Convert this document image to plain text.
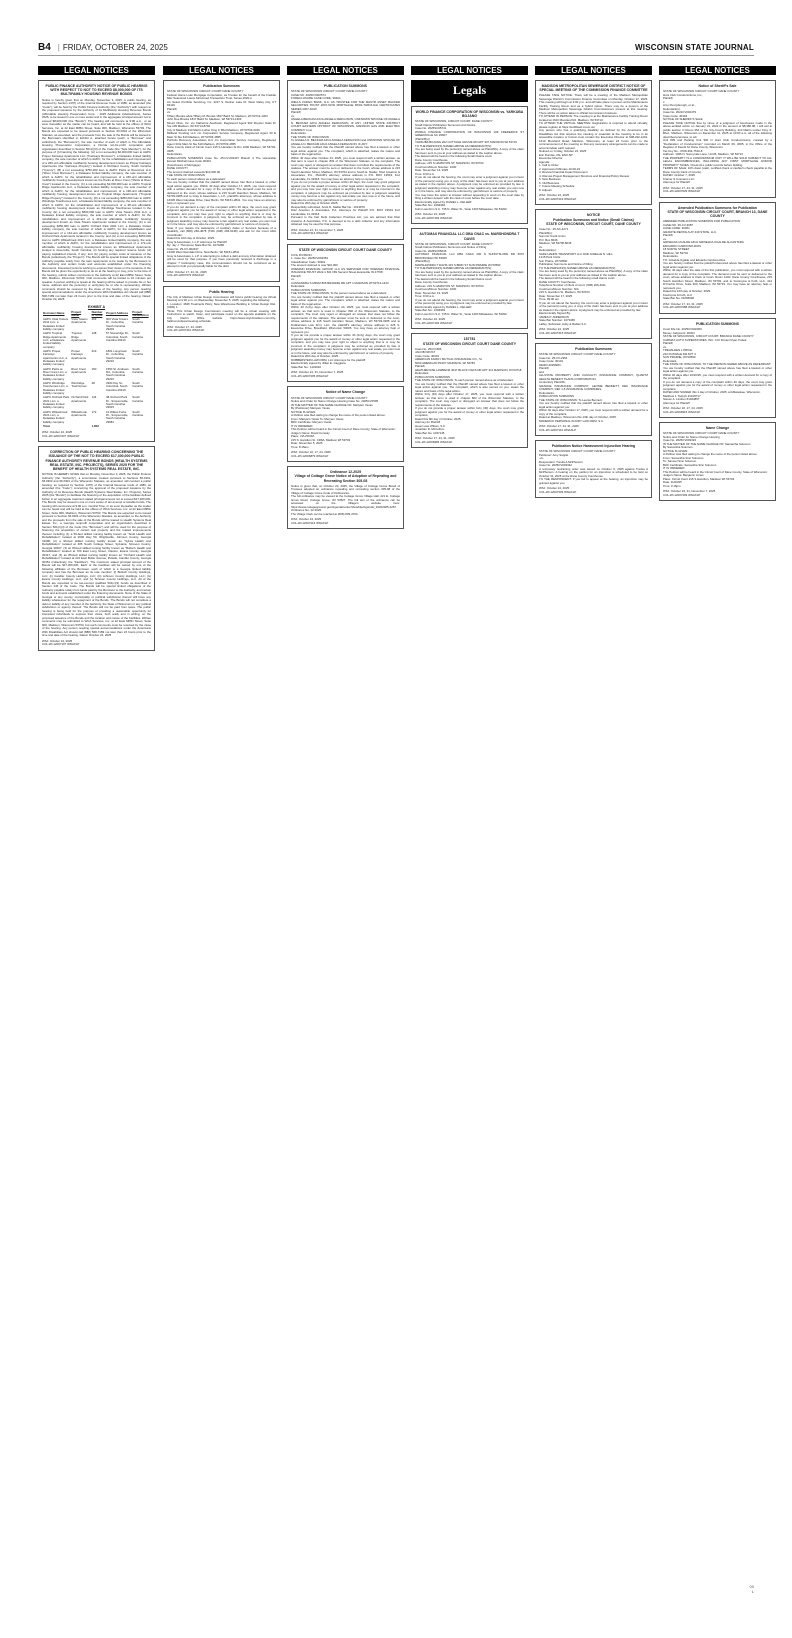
B4 | FRIDAY, OCTOBER 24, 2025	WISCONSIN STATE JOURNAL
LEGAL NOTICES	LEGAL NOTICES	LEGAL NOTICES	LEGAL NOTICES	LEGAL NOTICES	LEGAL NOTICES
PUBLIC FINANCE AUTHORITY NOTICE OF PUBLIC HEARING WITH RESPECT TO NOT TO EXCEED $8,000,000 OF ITS MULTIFAMILY HOUSING REVENUE BONDS
Notice is hereby given that on Monday, November 3, 2025, a public hearing, as required by Section 147(f) of the Internal Revenue Code of 1986, as amended (the "Code"), will be held by the Public Finance Authority (the "Authority") with respect to the proposed issuance by the Authority of its Multifamily Housing Revenue Bonds (Affordable Housing Preservation Corp. - 2025 Additional Indebtedness), Series 2025, to be issued in one or more series and in the aggregate principal amount not to exceed $8,000,000 (the "Bonds"). The hearing will commence at 9:00 a.m., or as soon thereafter as the matter can be heard, and will be held at the offices of WCA Services, Inc. at 22 East Mifflin Street, Suite 900, Madison, Wisconsin 53703. The Bonds are expected to be issued pursuant to Section 66.0304 of the Wisconsin Statutes, as amended, and the proceeds from the sale of the Bonds will be loaned to the Borrowers identified in Exhibit A, attached hereto (each, a "Borrower" and collectively, the "Borrowers"), the sole member of each of which is The Affordable Housing Preservation Corporation, a Florida not-for-profit corporation and organization described in Section 501(c)(3) of the Code (the "Sole Member"), for the purpose of (i) financing the following: (A) a not exceeding $2,000,000 loan to AHPC Proper Fairways Apartments LLC ("Fairways Borrower"), a Delaware limited liability company, the sole member of which is AHPC, for the rehabilitation and improvement of a 263-unit affordable multifamily housing development known as Proper Fairways Apartments (the "Fairways Property") located in Richland County, South Carolina ("County"); (B) a not exceeding $750,000 loan to AHPC Parks at Rivercrest LLC ("River Crest Borrower"), a Delaware limited liability company, the sole member of which is AHPC, for the rehabilitation and improvement of a 150-unit affordable multifamily housing development known as the Parks at River Crest ("Parks at River Crest") located in the County; (C) a not exceeding $2,000,000 loan to AHPC Tropical Ridge Apartments LLC, a Delaware limited liability company, the sole member of which is AHPC, for the rehabilitation and improvement of a 138-unit affordable multifamily housing development known as Tropical Ridge Apartments ("Tropical Ridge Property") located in the County; (D) a not exceeding $250,000 loan to AHPC Windridge Townhomes LLC, a Delaware limited liability company, the sole member of which is AHPC, for the rehabilitation and improvement of a 48-unit affordable multifamily housing development known as Windridge Townhomes located in the County; (E) a not exceeding $500,000 loan to AHPC Vista Towers 2011 LLC, a Delaware limited liability company, the sole member of which is AHPC, for the rehabilitation and improvement of a 419-unit affordable multifamily housing development known as Vista Towers Apartments located in the County; (F) a not exceeding $250,000 loan to AHPC Orchard Park 2021 LLC, a Delaware limited liability company, the sole member of which is AHPC, for the rehabilitation and improvement of a 144-unit affordable multifamily housing development known as Orchard Park Apartments located in the County; and (G) a not exceeding $250,000 loan to AHPC Willowbrook 2021 LLC, a Delaware limited liability company, the sole member of which is AHPC, for the rehabilitation and improvement of a 172-unit affordable multifamily housing development known as Willowbrook Apartments located in Greenville, South Carolina; (ii) funding any required reserve funds; (iii) paying capitalized interest, if any; and (iv) paying certain costs of issuance of the Bonds (collectively, the "Project"). The Bonds will be special limited obligations of the Authority payable solely from the loan repayments to be made by the Borrowers to the Authority and certain funds and accounts established under the financing documents. Interested persons wishing to express their views on the issuance of the Bonds will be given the opportunity to do so at the hearing or may, prior to the time of the hearing, submit written comments to the Authority at 22 East Mifflin Street, Suite 900, Madison, Wisconsin 53703. Oral comments will be limited to 10 minutes per speaker. A person wishing to speak at the hearing will be asked to provide his or her name, address and the person(s) or entity(ies) he or she is representing. Written comments should be received by the close of the hearing. Any person needing special accommodations under the Americans With Disabilities Act should call (888) 508-7189 not later than 24 hours prior to the time and date of the hearing. Dated: October 20, 2025
EXHIBIT A
Borrower Name	Project Name	Number of Units	Project Address	Project Jurisdiction
AHPC Vista Towers 2011 LLC, a Delaware limited liability company	Vista Towers Apartments	263	900 Vista Towers Dr., Columbia, South Carolina 29203	South Carolina
AHPC Tropical Ridge Apartments LLC, a Delaware limited liability company	Tropical Ridge Apartments	138	57 Stoneridge Dr., Columbia, South Carolina 29210	South Carolina
AHPC Proper Fairways Apartments LLC, a Delaware limited liability company	Proper Fairways Apartments	419	1801 Longcreek Dr., Columbia, South Carolina 29210	South Carolina
AHPC Parks at River Crest LLC, a Delaware limited liability company	River Crest Apartments	150	1550 St. Andrews Rd., Columbia, South Carolina 29210	South Carolina
AHPC Windridge Townhomes LLC, a Delaware limited liability company	Windridge Townhomes	48	3300 Kay St., Columbia, South Carolina 29210	South Carolina
AHPC Orchard Park 2021 LLC, a Delaware limited liability company	Orchard Park Apartments	144	48 Orchard Park Dr., Simpsonville, South Carolina 29615	South Carolina
AHPC Willowbrook 2021 LLC, a Delaware limited liability company	Willowbrook Apartments	172	10 Willow Forks Dr., Simpsonville, South Carolina 29681	South Carolina
Total		1,802		
WSJ: October 24, 2025
COL-WI-12007207 WNAXLP
CORRECTION OF PUBLIC HEARING CONCERNING THE ISSUANCE OF THE NOT TO EXCEED $17,300,000 PUBLIC FINANCE AUTHORITY REVENUE BONDS (HEALTH SYSTEMS REAL ESTATE, INC. PROJECTS), SERIES 2025 FOR THE BENEFIT OF HEALTH SYSTEMS REAL ESTATE, INC.
NOTICE IS HEREBY GIVEN that on Monday, November 3, 2025, the Public Finance Authority (the "Authority"), a commission created pursuant to Sections 66.0301, 66.0303 and 66.0304 of the Wisconsin Statutes, as amended, will conduct a public hearing, as required by Section 147(f) of the Internal Revenue Code of 1986, as amended (the "Code"), concerning the approval of the proposed issuance by the Authority of its Revenue Bonds (Health Systems Real Estate, Inc. Projects), Series 2025 (the "Bonds") to facilitate the financing of the acquisition of the facilities defined below, in an aggregate maximum stated principal amount not to exceed $17,300,000. The Bonds may be issued in one or more series of tax-exempt or taxable bonds. The hearing will commence at 9:00 a.m. Central Time, or as soon thereafter as the matter can be heard and will be held at the offices of WCA Services, Inc. at 22 East Mifflin Street, Suite 900, Madison, Wisconsin 53703. The Bonds are expected to be issued pursuant to Section 66.0304 of the Wisconsin Statutes, as amended, to the Authority and the proceeds from the sale of the Bonds will be loaned to Health Systems Real Estate, Inc., a Georgia nonprofit corporation and an organization described in Section 501(c)(3) of the Code (the "Borrower") and will be used for the purpose of financing the acquisition of certain real property and the related improvements thereon including (1) a 59-bed skilled nursing facility known as "Scott Health and Rehabilitation" located at 2600 Hwy 50, Wrightsville, Johnson County, Georgia 31096; (2) a 90-bed skilled nursing facility known as "Sylvia Health and Rehabilitation" located at 405 South College Street, Sylvania, Screven County, Georgia 30467; (3) an 80-bed skilled nursing facility known as "Bulloch Health and Rehabilitation" located at 700 East Long Street, Claxton, Evans County, Georgia 30417; and (4) an 85-bed skilled nursing facility known as "Orchard Health and Rehabilitation" located at 201 East Butler Avenue, Pulaski, Candler County, Georgia 30451 (collectively, the "Facilities"). The maximum stated principal amount of the Bonds will be $17,300,000. Each of the Facilities will be owned by one of the following affiliates of the Borrower, each of which is a Georgia limited liability company and has the Borrower as its sole member: (i) Bulloch County Holdings, LLC; (ii) Candler County Holdings, LLC; (iii) Johnson County Holdings, LLC; (iv) Evans County Holdings, LLC; and (v) Screven County Holdings, LLC. All of the Bonds are expected to be tax-exempt qualified 501(c)(3) bonds as described in Section 145 of the Code. The Bonds will be special limited obligations of the Authority payable solely from funds paid by the Borrower to the Authority, and certain funds and accounts established under the financing documents. None of the State of Georgia or any county, municipality or political subdivision thereof will have any liability whatsoever for the repayment of the Bonds. The Bonds will not constitute a debt or liability of any member of the Authority, the State of Wisconsin or any political subdivision or agency thereof. The Bonds will not be paid from taxes. The public hearing is being held for the purpose of providing a reasonable opportunity for interested individuals to express their views, both orally and in writing, on the proposed issuance of the Bonds and the location and nature of the Facilities. Written comments may be submitted to WCA Services, Inc. at 22 East Mifflin Street, Suite 900, Madison, Wisconsin 53703, but such comments must be received by the close of the hearing. Any person needing special accommodations under the Americans With Disabilities Act should call (888) 508-7189 not later than 24 hours prior to the time and date of the hearing. Dated: October 24, 2025
WSJ: October 24, 2025
COL-WI-12007197 WNAXLP
Publication Summons
STATE OF WISCONSIN CIRCUIT COURT DANE COUNTY
Federal Home Loan Mortgage Corporation, as Trustee for the benefit of the Freddie Mac Seasoned Loans Structured Transaction Trust, Series 2020-2
c/o Select Portfolio Servicing, Inc. 3217 S. Decker Lake Dr. West Valley City, UT 84119
Plaintiff,
vs.
Tiffany Brooks a/k/a Tiffany M. Brooks 1817 Baird St. Madison, WI 53713-1303
John Doe Brooks 1817 Baird St. Madison, WI 53713-1303
Mount Olive, Inc. c/o Katherine Auerback, Registered Agent 902 Royster Oaks Dr Ste 105 Madison, WI 53714-8702
City of Madison 210 Martin Luther King Jr Blvd Madison, WI 53703-3346
Midland Funding LLC c/o Corporation Service Company, Registered Agent 33 E Main St Ste 610 Madison, WI 53703-4655
Portfolio Recovery Associates LLC c/o Corporation Service Company, Registered Agent 33 E Main St Ste 610 Madison, WI 53703-4655
Dane County Clerk of Circuit Court 215 S Hamilton St Rm 1000 Madison, WI 53703-3285
Defendants.
PUBLICATION SUMMONS Case No. 25-CV-002437 Branch 4 The Honorable Everett Mitchell Case Code 30404
(Foreclosure of Mortgage)
DANE COUNTY
The amount claimed exceeds $10,000.00
THE STATE OF WISCONSIN
To each person named above as a defendant:
You are hereby notified that the plaintiff named above has filed a lawsuit or other legal action against you. Within 40 days after October 17, 2025, you must respond with a written demand for a copy of the complaint. The demand must be sent or delivered to the court, whose address is 215 South Hamilton Street, Madison, WI 53703-3285 and to Gray & Associates, L.L.P., plaintiff's attorneys, whose address is 16345 West Glendale Drive, New Berlin, WI 53151-2841. You may have an attorney help or represent you.
If you do not demand a copy of the complaint within 40 days, the court may grant judgment against you for the award of money or other legal action requested in the complaint, and you may lose your right to object to anything that is or may be incorrect in the complaint. A judgment may be enforced as provided by law. A judgment awarding money may become a lien against any real estate you own now or in the future, and may also be enforced by garnishment or seizure of property.
Note: If you require the assistance of Auxiliary Aides or Services because of a disability, call (608) 266-4678 (TDD (608) 266-9138) and ask for the Court ADA Coordinator.
Dated this 10th day of October, 2025.
Gray & Associates, L.L.P. Attorneys for Plaintiff
By: Jay J. Thompson State Bar No. 1070280
Case No. 25-CV-002437
16345 West Glendale Drive, New Berlin, WI 53151-2841
Gray & Associates, L.L.P. is attempting to collect a debt and any information obtained will be used for that purpose. If you have previously received a discharge in a chapter 7 bankruptcy case, this communication should not be construed as an attempt to hold you personally liable for the debt.
WSJ: October 17, 24, 31, 2025
COL-WI-12007079 WNAXLP
Public Hearing
The City of Madison Urban Design Commission will hold a public hearing via Virtual Meeting at 4:30 p.m. on Wednesday, November 5, 2025, regarding the following:
1. Location: 4846 Treeline/Is Pkwy; New Warehouse Building in Urban Design Dist. (UDD) 1
*Note: This Urban Design Commission meeting will be a virtual meeting with instructions to watch, listen, and participate noted on the agenda available on the City Clerk's Office website https://www.cityofmadison.com/city-hall/committees/meeting-schedule
WSJ: October 17, 24, 2025
COL-WI-12007210 WNAXLP
PUBLICATION SUMMONS
STATE OF WISCONSIN CIRCUIT COURT DANE COUNTY
CASE NO. 2025CV002574
FORECLOSURE CASE CODE: 30404
WELLS FARGO BANK, N.A. AS TRUSTEE FOR THE MASTR ASSET BACKED SECURITIES TRUST 2007-NCW MORTGAGE PASS-THROUGH CERTIFICATES SERIES 2007-NCW
Plaintiff,
vs.
ANGELA BECKAM A/K/A ANGELA FERGUSON, UNKNOWN SPOUSE OF ANGELA N. BECKAM A/K/A ANGELA FERGUSON, IF ANY, UNITED STATE DISTRICT COURT EASTERN DISTRICT OF WISCONSIN, MADISON GAS AND ELECTRIC COMPANY et al.
Defendants.
THE STATE OF WISCONSIN
To ANGELA N. BECKAM A/K/A ANGELA FERGUSON and UNKNOWN SPOUSE OF ANGELA N. BECKAM A/K/A ANGELA FERGUSON, IF ANY:
You are hereby notified that the Plaintiff named above has filed a lawsuit or other legal action against you. The complaint, which is attached, states the nature and basis of the legal action.
Within 40 days after October 24, 2025, you must respond with a written answer, as that term is used in chapter 802 of the Wisconsin Statutes, to the complaint. The court may reject or disregard an answer that does not follow the requirements of the statutes. The answer must be sent or delivered to the Court, whose address is 215 South Hamilton Street, Madison, WI 53703 and to South E. Nadler, Diaz Anselmo & Associates, P.A., Plaintiff's attorney, whose address is P.O. BOX 19519, Fort Lauderdale, FL 33318. You may have an attorney help or represent you.
If you do not provide a proper answer within 40 days, the court may grant judgment against you for the award of money or other legal action requested in the complaint, and you may lose your right to object to anything that is or may be incorrect in the complaint. A judgment may be enforced as provided by law. A judgment awarding money may become a lien against any real estate you own now or in the future, and may also be enforced by garnishment or seizure of property.
Dated this 20th day of October 2025.
Respectfully submitted, Scott D. Nadler Bar No.: 1013979
Diaz Anselmo & Associates, P.A. Attorneys for Plaintiff P.O. BOX 19519 Fort Lauderdale, FL 33318
Pursuant to the Fair Debt Collection Practices Act, you are advised that Diaz Anselmo & Associates, P.A. is deemed to be a debt collector and any information obtained may be used for that purpose.
WSJ: October 24, 31, November 7, 2025
COL-WI-12007213 WNAXLP
STATE OF WISCONSIN CIRCUIT COURT DANE COUNTY
CIVIL DIVISION
1. Case No.: 2025CV003353
Classification Code: 30301
The amount claimed is over $10,000
ONEMAIN FINANCIAL GROUP, LLC AS SERVICER FOR ONEMAIN FINANCIAL ISSUANCE TRUST 2022-1 601 NW Second Street Evansville IN 47708
Plaintiff,
vs.
CASSANDRA S MROZ 806 BRANDIE RD APT 1 MADISON WI 53714-1443
Defendant.
PUBLICATION SUMMONS
THE STATE OF WISCONSIN, To the person named above as a defendant:
You are hereby notified that the plaintiff named above has filed a lawsuit or other legal action against you. The complaint, which is attached, states the nature and basis of the legal action.
Within 40 (forty) days after October 24, 2025, you must respond with a written answer, as that term is used in Chapter 802 of the Wisconsin Statutes, to the complaint. The court may reject or disregard an answer that does not follow the requirements of the statutes. The answer must be sent or delivered to the court, whose address is 215 South Hamilton Street, Madison, WI 53703-3285 and to Dobberstein Law Firm, LLC, the plaintiff's attorney, whose address is 225 S. Executive Drive, Brookfield, Wisconsin 53005. You may have an attorney help or represent you.
If you do not provide a proper answer within 40 (forty) days, the court may grant judgment against you for the award of money or other legal action requested in the complaint, and you may lose your right to object to anything that is or may be incorrect in the complaint. A judgment may be enforced as provided by law. A judgment awarding money may become a lien against any real estate you own now or in the future, and may also be enforced by garnishment or seizure of property.
Dated this 20th day of October, 2025.
DOBBERSTEIN LAW FIRM, LLC Attorneys for the plaintiff
Electronically signed by Jillian E. Caggiano
State Bar No.: 1101032
WSJ: October 24, 31, November 7, 2025
COL-WI-12007205 WNAXLP
Notice of Name Change
STATE OF WISCONSIN CIRCUIT COURT DANE COUNTY
Notice and Order for Name Change Hearing Case No. 2025CV2595
IN THE MATTER OF THE NAME CHANGE OF: Mariyam Yavas
By (Petitioner) Mariyam Yavas
NOTICE IS GIVEN:
A Petition was filed asking to change the name of the person listed above:
From: Mariyam Yavas To: Meryem Yavas
Birth Certificate: Meryem Yavas
IT IS ORDERED:
This Petition will be heard in the Circuit Court of Dane County, State of Wisconsin:
Judge's Name: David Conway
Place: VIA ZOOM
215 S. Hamilton St. CR6A, Madison WI 53703
Date: November 5, 2025
Time: 8:15am
WSJ: October 10, 17, 24, 2025
COL-WI-12006879 WNAXLP
Ordinance 12-2025
Village of Cottage Grove Notice of Adoption of Repealing and Recreating Section 305-08
Notice is given that, on October 20, 2025, the Village of Cottage Grove Board of Trustees adopted an ordinance repealing and recreating section 305-08 of the Village of Cottage Grove Code of Ordinances.
The full ordinance may be viewed at the Cottage Grove Village Hall, 221 E. Cottage Grove Road, Cottage Grove, WI 53527. The full text of the ordinance can be accessed on the Village's website here: https://www.cottagegrovewi.gov/AgendaCenter/ViewFile/Agenda/_10202025-2257 Ordinance No. 12-2025.
The Village Clerk can be reached at (608) 839-4704.
WSJ: October 24, 2025
COL-WI-12007216 WNAXLP
Legals
WORLD FINANCE CORPORATION OF WISCONSIN vs. YARKUBA BOJANG
STATE OF WISCONSIN, CIRCUIT COURT, DANE COUNTY
Small Claims Publication Summons And Notice
Case No. 2025SC05741
WORLD FINANCE CORPORATION OF WISCONSIN 108 FREDERICK ST GREENVILLE SC 29607
(Plaintiff(s))
YARKUBA BOJANG 202 COTTAGE GROVE RD APT 307 MADISON WI 53716
TO THE PERSON(S) NAMED ABOVE AS DEFENDANT(S):
You are being sued by the person(s) named above as Plaintiff(s). A copy of the claim has been sent to you at your address as stated in the caption above.
The lawsuit will be heard in the following Small Claims court:
Dane County Courthouse
Address: 215 S HAMILTON ST, MADISON, WI 53703
Courtroom/Room Number: 1000
Date: November 13, 2025
Time: 9:00 a.m.
If you do not attend the hearing, the court may enter a judgment against you in favor of the person(s) suing you. A copy of the claim has been sent to you at your address as stated in the caption above. A judgment may be enforced as provided by law. A judgment awarding money may become a lien against any real estate you own now or in the future, and may also be enforced by garnishment or seizure of property.
You may have the option to Answer without appearing in court on the court date by filing a written Answer with the clerk of court before the court date.
Electronically signed by DANIEL L. KELLER
State Bar No.: 1094981
Kohn Law Firm S.C. 735 N. Water St., Suite 1300 Milwaukee, WI 53202
WSJ: October 24, 2025
COL-WI-12007193 WNAXLP
AUTOMAX FINANCIAL LLC DBA CNAC vs. MARSHONDRA T DAVIS
STATE OF WISCONSIN, CIRCUIT COURT, DANE COUNTY
Small Claims Publication Summons and Notice of Filing
Case No. 2025SC05646
AUTOMAX FINANCIAL LLC DBA CNAC 200 N SUNNYSLOPE RD #370 BROOKFIELD WI 53005
(Plaintiff(s))
MARSHONDRA T DAVIS 415 S BIRD ST SUN PRAIRIE WI 53590
TO THE PERSON(S) NAMED ABOVE AS DEFENDANT(S):
You are being sued by the person(s) named above as Plaintiff(s). A copy of the claim has been sent to you at your address as stated in the caption above.
The lawsuit will be heard in the following Small Claims court:
Dane County Courthouse
Address: 215 S HAMILTON ST, MADISON, WI 53703
Courtroom/Room Number: 1000
Date: November 13, 2025
Time: 9:00 a.m.
If you do not attend the hearing, the court may enter a judgment against you in favor of the person(s) suing you. A judgment may be enforced as provided by law.
Electronically signed by DANIEL L. KELLER
State Bar No.: 1094981
Kohn Law Firm S.C. 735 N. Water St., Suite 1300 Milwaukee, WI 53202
WSJ: October 24, 2025
COL-WI-12007192 WNAXLP
187781
STATE OF WISCONSIN CIRCUIT COURT DANE COUNTY
Case No. 25CV1666
JACOB FROST
Case Code: 30301
AMERICAN FAMILY MUTUAL INSURANCE CO., SI
6000 AMERICAN PKWY MADISON, WI 53783
Plaintiff,
HEATHER RAE LAWRENZ 4047 BLACK OAKS DR APT 311 MADISON, WI 53718
Defendant.
PUBLICATION SUMMONS
THE STATE OF WISCONSIN, To each person named above as a Defendant:
You are hereby notified that the Plaintiff named above has filed a lawsuit or other legal action against you. The complaint, which is also served on you, states the nature and basis of the legal action.
Within forty (40) days after October 17, 2025, you must respond with a written answer, as that term is used in chapter 802 of the Wisconsin Statutes, to the complaint. The court may reject or disregard an Answer that does not follow the requirements of the statutes.
If you do not provide a proper answer within forty (40) days, the court may grant judgment against you for the award of money or other legal action requested in the complaint.
Dated this 9th day of October, 2025.
Attorney for Plaintiff
Heuer Law Offices, S.C.
Jonathan D. McCollum
State Bar No. 1037145
WSJ: October 17, 24, 31, 2025
COL-WI-12006996 WNAXLP
MADISON METROPOLITAN SEWERAGE DISTRICT NOTICE OF SPECIAL MEETING OF THE COMMISSION FINANCE COMMITTEE
PLEASE TAKE NOTICE: There will be a meeting of the Madison Metropolitan Sewerage District's Commission Finance Committee on Monday, October 27, 2025. This meeting will begin at 3:00 p.m. and will take place in person at the Maintenance Facility Training Room and as a hybrid option. There may be a quorum of the Madison Metropolitan Sewerage District Commissioners present at this meeting. There will be no action taken in official Commission business.
TO ATTEND IN PERSON: The meeting is at the Maintenance Facility Training Room located at 1610 Moorland Rd. Madison, WI 53713.
TO ATTEND THE VIRTUAL MEETING: Registration is required to attend virtually; please register at https://us06web.zoom.us/
Any person who has a qualifying disability as defined by the Americans with Disabilities Act that requires the meeting or materials at the meeting to be in an accessible location or format must contact the Executive Director at 608-222-1201, 1610 Moorland Road, Madison, Wisconsin, at least 24 hours prior to the commencement of the meeting so that any necessary arrangements can be made to accommodate each request.
Noticed on: Friday, October 24, 2025
Eric Dundee, PE, ENV-SP
Executive Director
Agenda:
1. Call to Order
2. Approval of Minutes 10-06-23
3. Review Financial Impact Document
4. Discuss Project Management Structure and Financial Policy Review
5. New Business
6. Old Business
7. Future Meeting Schedule
8. Adjourn
WSJ: October 24, 2025
COL-WI-12007219 WNAXLP
NOTICE
Publication Summons and Notice (Small Claims)
STATE OF WISCONSIN, CIRCUIT COURT, DANE COUNTY
Case No.: 25-SC-4271
Plaintiff(s):
Summit Credit Union
P.O. Box 8046
Madison, WI 53708-8046
vs.
Defendant(s):
SAFE HANDS TRANSPORT LLC AND JANELLE N. HILL
1215 Park Circle
Sun Prairie, WI 53590
Publication Summons and Notice of Filing
TO THE PERSON(S) NAMED ABOVE AS DEFENDANT(S):
You are being sued by the person(s) named above as Plaintiff(s). A copy of the claim has been sent to you at your address as stated in the caption above.
The lawsuit will be heard in the following small claims court:
DANE COUNTY Courthouse
Telephone Number of Clerk of court: (608) 266-4311
Courtroom/Room Number: N/A
215 S. Hamilton St. Madison, WI 53703
Date: November 17, 2025
Time: 09:00 am
If you do not attend the hearing, the court may enter a judgment against you in favor of the person(s) suing you. A copy of the claim has been sent to you at your address as stated in the caption above. A judgment may be enforced as provided by law.
Electronically Signed By:
JAMES P. ANDERSON
State Bar Number: 1073465
Laffey, Sebranek, Auby & Rabas S.C.
WSJ: October 24, 2025
COL-WI-12007215 WNAXLP
Publication Summons
STATE OF WISCONSIN CIRCUIT COURT DANE COUNTY
Case No. 25-CV-2354
Case Code: 30101
HEIDI HOWARD,
Plaintiff,
and
ALLSTATE PROPERTY AND CASUALTY INSURANCE COMPANY, QUARTZ HEALTH BENEFIT PLANS CORPORATION,
Involuntary Plaintiffs,
GRANGE INSURANCE COMPANY, LEONIE BENNETT, DEF INSURANCE COMPANY, DEF 1-5 INSURANCE COMPANIES,
Defendants.
PUBLICATION SUMMONS
THE STATE OF WISCONSIN: To Leonie Bennett:
You are hereby notified that the plaintiff named above has filed a lawsuit or other legal action against you.
Within 40 days after October 17, 2025, you must respond with a written demand for a copy of the complaint.
Dated at Madison, Wisconsin this 13th day of October, 2025.
MADERICK PERSONAL INJURY LAW FIRM, S.C.
WSJ: October 17, 24, 31, 2025
COL-WI-12007112 WNAXLP
Publication Notice Harassment Injunction Hearing
STATE OF WISCONSIN CIRCUIT COURT DANE COUNTY
Petitioner: Amy Supple
-vs-
Respondent: Treska A McPherson
Case No. 2025CV003342
A temporary restraining order was issued on October 9, 2025 against Treska A McPherson. A hearing on the petition for an injunction is scheduled to be held on October 31, 2025 at the Dane County Courthouse.
TO THE RESPONDENT: If you fail to appear at the hearing, an injunction may be granted against you.
WSJ: October 24, 2025
COL-WI-12007209 WNAXLP
Notice of Sheriff's Sale
STATE OF WISCONSIN CIRCUIT COURT DANE COUNTY
Hunt Club Condominiums, Inc.,
Plaintiff,
v.
Amy Pennybrough, et al.,
Defendant(s).
Case No. 2021CV002479
Case Code: 30404
NOTICE OF SHERIFF'S SALE
PLEASE TAKE NOTICE that by virtue of a judgment of foreclosure made in the above-entitled action on January 31, 2022 in the amount of $8,380.98, I will sell at public auction in Room 354 of the City-County Building, 210 Martin Luther King Jr. Blvd., Madison, Wisconsin on December 11, 2025 at 10:00 a.m. all of the following described premises, to wit:
Unit 809 and Parking Unit 960 in Hunt Club Condominiums, created by a "Declaration of Condominium" recorded on March 09, 2005, in the Office of the Register of Deeds for Dane County, Wisconsin.
Tax Key No.: 0709-364-7510-8
Address: 1036 N. Sunnyvale Lane, Unit B, Madison, WI 53713
THE PROPERTY IS A CONDOMINIUM UNIT. IT WILL BE SOLD SUBJECT TO ALL LEGAL ENCUMBRANCES, INCLUDING ANY FIRST MORTGAGE AND/OR PROPERTY TAXES. Check ALL public records before bidding.
TERMS OF SALE: 10% down (cash, certified check or cashier's check payable to the Dane County Clerk of Courts).
DATED: October 7, 2025
Kramer & Cusmano LLC
Attorneys for Plaintiff
WSJ: October 17, 24, 31, 2025
COL-WI-12007029 WNAXLP
Amended Publication Summons for Publication
STATE OF WISCONSIN CIRCUIT COURT, BRANCH 13, DANE COUNTY
AMENDED PUBLICATION SUMMONS FOR PUBLICATION
CASE NO. 25-CV-3087
CASE CODE: 30301
GRANITE RENTALS AT 449 STATE, LLC,
Plaintiff,
vs.
GRISELDA UGALDE A/K/A GRISELDA UGALDE ALCANTARA
EDUARDO CARDONO-RIOS
18 NORTH STREET
Madison, WI 53704
Defendants.
TO: Griselda Ugalde and Eduardo Cardono-Rios
You are hereby notified that the plaintiff referenced above has filed a lawsuit or other legal action against you.
Within 40 days after the date of the first publication, you must respond with a written demand for a copy of the complaint. The demand must be sent or delivered to the court, whose address is Clerk of Court, Room 1000, Dane County Courthouse, 215 South Hamilton Street, Madison, WI 53703, and to Kostroyna & Kolb, LLC, 414 D'Onofrio Drive, Suite 300, Madison, WI 53719. You may have an attorney help or represent you.
Dated this 13th day of October, 2025.
Kostroyna & Kolb, LLC
State Bar No. 01065028
WSJ: October 17, 24, 31, 2025
COL-WI-12007088 WNAXLP
PUBLICATION SUMMONS
Court File No. 2025CV002360
Money Judgment: 30301
STATE OF WISCONSIN, CIRCUIT COURT, BRANCH DANE COUNTY
CARMAX AUTO SUPERSTORES, INC. C/O Kirsten Ryan Tisbek
Plaintiff,
vs.
TREVALDEN L PRICE
222 FOXDALE DR APT 4
SUN PRAIRIE, WI 53590
Defendant.
THE STATE OF WISCONSIN, TO THE PERSON NAMED ABOVE AS DEFENDANT:
You are hereby notified that the Plaintiff named above has filed a lawsuit or other legal action against you.
Within 40 days after 10/10/25, you must respond with a written demand for a copy of the complaint.
If you do not demand a copy of the complaint within 40 days, the court may grant judgment against you for the award of money or other legal action requested in the complaint.
DATED AND SIGNED this 1 day of October, 2025, at Milwaukee, Wisconsin.
Matthew J. Tadych #1018717
Steven A. Lindner #1024857
Attorneys for Plaintiff
WSJ: October 10, 17, 24, 2025
COL-WI-12006915 WNAXLP
Name Change
STATE OF WISCONSIN CIRCUIT COURT DANE COUNTY
Notice and Order for Name Change Hearing
Case No. 2025CV003323
IN THE MATTER OF THE NAME CHANGE OF: Samantha Solomon
By Samantha Solomon
NOTICE IS GIVEN:
A Petition was filed asking to change the name of the person listed above:
From: Samantha Sinn Solomon
To: Samuel Sinn Solomon
Birth Certificate: Samantha Sinn Solomon
IT IS ORDERED:
This Petition will be heard in the Circuit Court of Dane County, State of Wisconsin:
Judge's Name: Benjamin Jones
Place: Circuit Court 215 S Hamilton, Madison WI 53703
Date: 11/20/25
Time: 3:15pm
WSJ: October 24, 31, November 7, 2025
COL-WI-12007209 WNAXLP
00
L
